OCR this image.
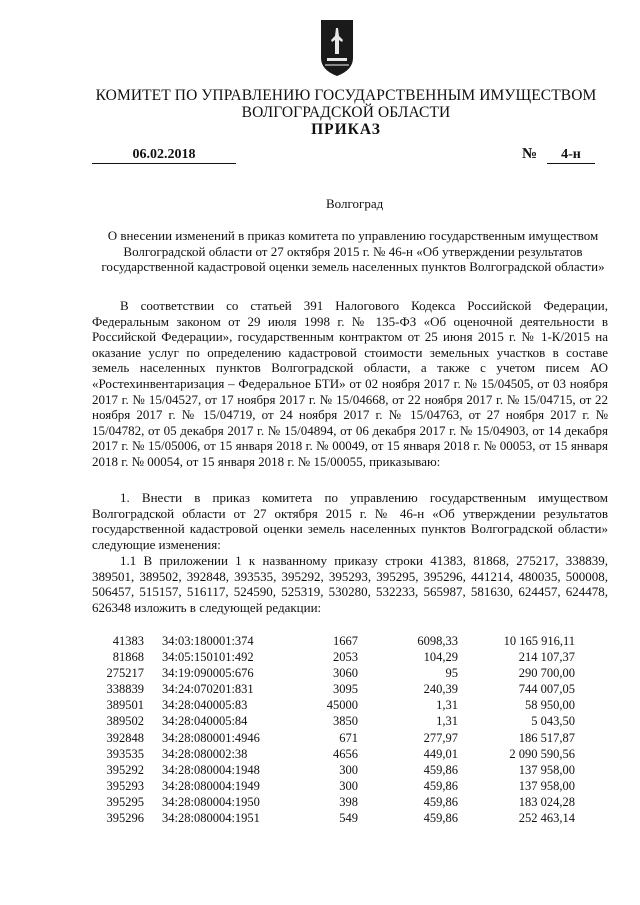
КОМИТЕТ ПО УПРАВЛЕНИЮ ГОСУДАРСТВЕННЫМ ИМУЩЕСТВОМ
ВОЛГОГРАДСКОЙ ОБЛАСТИ
ПРИКАЗ
06.02.2018	№	4-н
Волгоград
О внесении изменений в приказ комитета по управлению государственным имуществом Волгоградской области от 27 октября 2015 г. № 46-н «Об утверждении результатов государственной кадастровой оценки земель населенных пунктов Волгоградской области»
В соответствии со статьей 391 Налогового Кодекса Российской Федерации, Федеральным законом от 29 июля 1998 г. № 135-ФЗ «Об оценочной деятельности в Российской Федерации», государственным контрактом от 25 июня 2015 г. № 1-К/2015 на оказание услуг по определению кадастровой стоимости земельных участков в составе земель населенных пунктов Волгоградской области, а также с учетом писем АО «Ростехинвентаризация – Федеральное БТИ» от 02 ноября 2017 г. № 15/04505, от 03 ноября 2017 г. № 15/04527, от 17 ноября 2017 г. № 15/04668, от 22 ноября 2017 г. № 15/04715, от 22 ноября 2017 г. № 15/04719, от 24 ноября 2017 г. № 15/04763, от 27 ноября 2017 г. № 15/04782, от 05 декабря 2017 г. № 15/04894, от 06 декабря 2017 г. № 15/04903, от 14 декабря 2017 г. № 15/05006, от 15 января 2018 г. № 00049, от 15 января 2018 г. № 00053, от 15 января 2018 г. № 00054, от 15 января 2018 г. № 15/00055, приказываю:
1. Внести в приказ комитета по управлению государственным имуществом Волгоградской области от 27 октября 2015 г. № 46-н «Об утверждении результатов государственной кадастровой оценки земель населенных пунктов Волгоградской области» следующие изменения:
1.1 В приложении 1 к названному приказу строки 41383, 81868, 275217, 338839, 389501, 389502, 392848, 393535, 395292, 395293, 395295, 395296, 441214, 480035, 500008, 506457, 515157, 516117, 524590, 525319, 530280, 532233, 565987, 581630, 624457, 624478, 626348 изложить в следующей редакции:
41383	34:03:180001:374	1667	6098,33	10 165 916,11
81868	34:05:150101:492	2053	104,29	214 107,37
275217	34:19:090005:676	3060	95	290 700,00
338839	34:24:070201:831	3095	240,39	744 007,05
389501	34:28:040005:83	45000	1,31	58 950,00
389502	34:28:040005:84	3850	1,31	5 043,50
392848	34:28:080001:4946	671	277,97	186 517,87
393535	34:28:080002:38	4656	449,01	2 090 590,56
395292	34:28:080004:1948	300	459,86	137 958,00
395293	34:28:080004:1949	300	459,86	137 958,00
395295	34:28:080004:1950	398	459,86	183 024,28
395296	34:28:080004:1951	549	459,86	252 463,14
